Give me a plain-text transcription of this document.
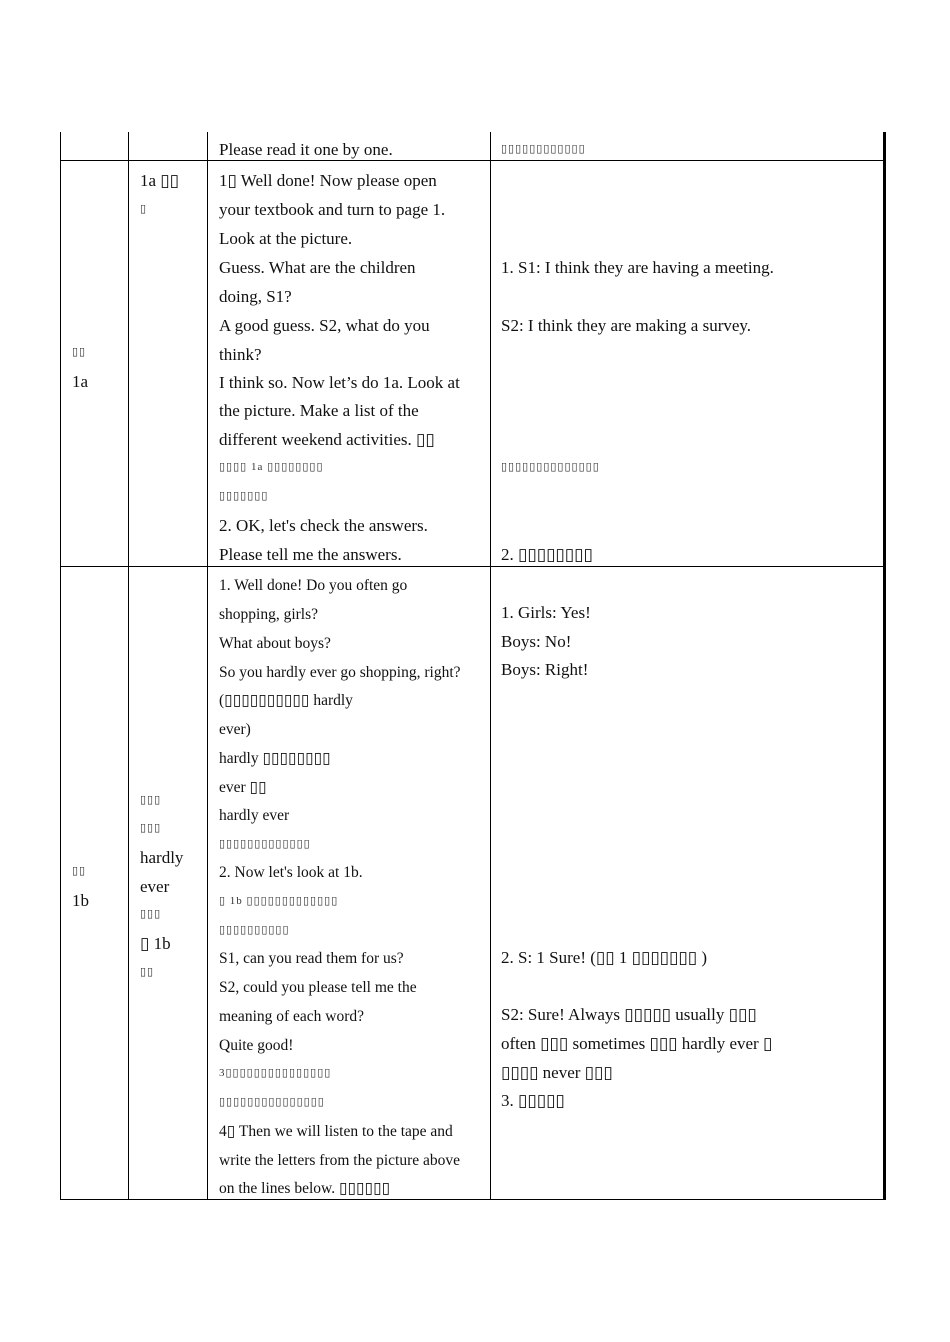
Please read it one by one.	▯▯▯▯▯▯▯▯▯▯▯▯
▯▯
1a
1a ▯▯
▯
1▯ Well done! Now please open
your textbook and turn to page 1.
Look at the picture.
Guess. What are the children
doing, S1?
A good guess. S2, what do you
think?
I think so. Now let’s do 1a. Look at
the picture. Make a list of the
different weekend activities. ▯▯
▯▯▯▯ 1a ▯▯▯▯▯▯▯▯
▯▯▯▯▯▯▯
2. OK, let's check the answers.
Please tell me the answers.
1. S1: I think they are having a meeting.
S2: I think they are making a survey.
▯▯▯▯▯▯▯▯▯▯▯▯▯▯
2. ▯▯▯▯▯▯▯▯
▯▯
1b
▯▯▯
▯▯▯
hardly
ever
▯▯▯
▯ 1b
▯▯
1. Well done! Do you often go
shopping, girls?
What about boys?
So you hardly ever go shopping, right?
(▯▯▯▯▯▯▯▯▯▯ hardly
ever)
hardly ▯▯▯▯▯▯▯▯
ever ▯▯
hardly ever
▯▯▯▯▯▯▯▯▯▯▯▯▯
2. Now let's look at 1b.
▯ 1b ▯▯▯▯▯▯▯▯▯▯▯▯▯
▯▯▯▯▯▯▯▯▯▯
S1, can you read them for us?
S2, could you please tell me the
meaning of each word?
Quite good!
3▯▯▯▯▯▯▯▯▯▯▯▯▯▯▯
▯▯▯▯▯▯▯▯▯▯▯▯▯▯▯
4▯ Then we will listen to the tape and
write the letters from the picture above
on the lines below. ▯▯▯▯▯▯
1. Girls: Yes!
Boys: No!
Boys: Right!
2. S: 1 Sure! (▯▯ 1 ▯▯▯▯▯▯▯ )
S2: Sure! Always ▯▯▯▯▯ usually ▯▯▯
often ▯▯▯ sometimes ▯▯▯ hardly ever ▯
▯▯▯▯ never ▯▯▯
3. ▯▯▯▯▯
